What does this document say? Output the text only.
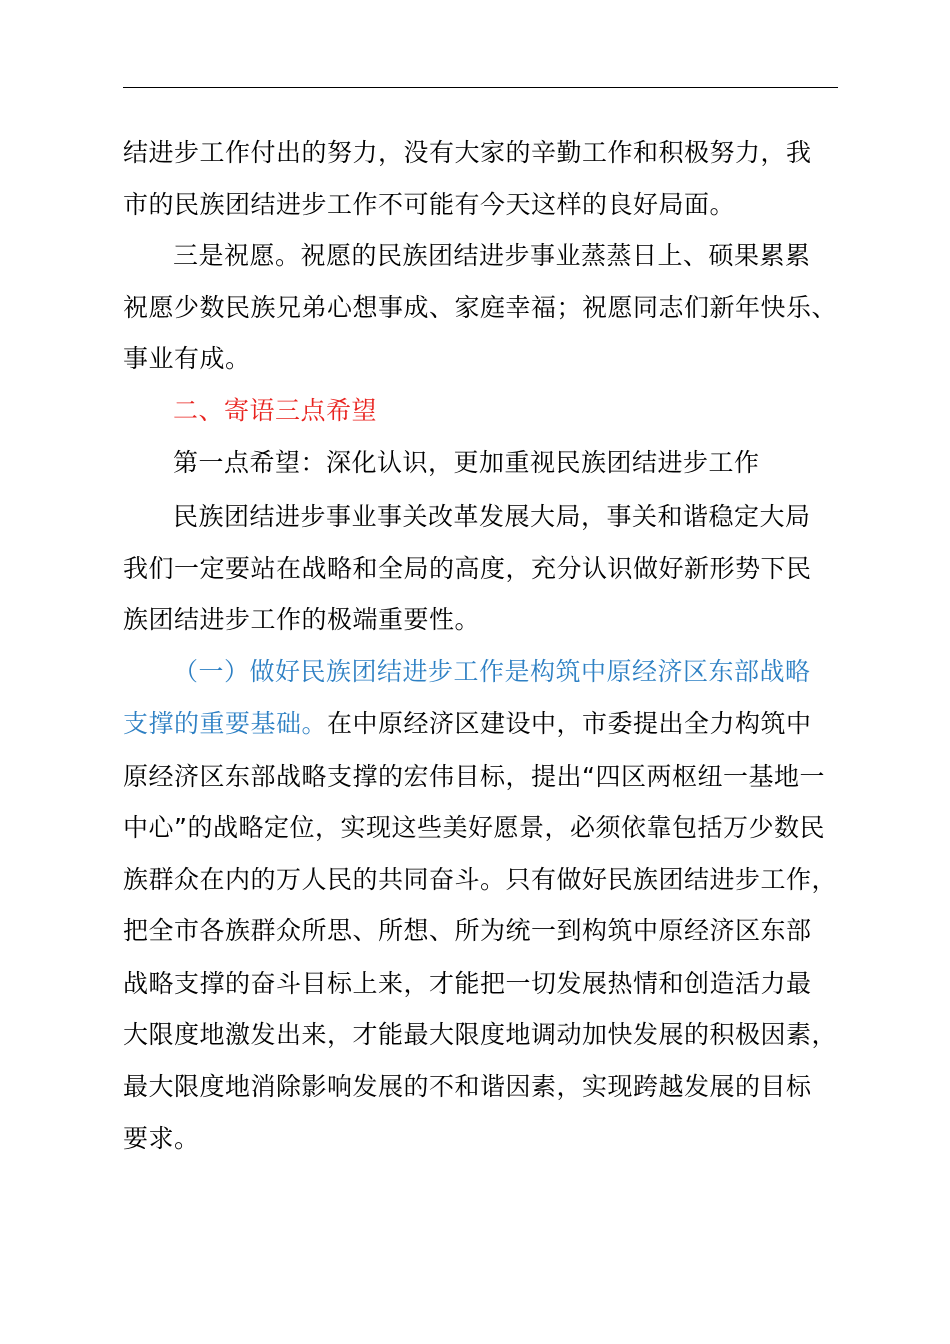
结进步工作付出的努力，没有大家的辛勤工作和积极努力，我
市的民族团结进步工作不可能有今天这样的良好局面。
三是祝愿。祝愿的民族团结进步事业蒸蒸日上、硕果累累
祝愿少数民族兄弟心想事成、家庭幸福；祝愿同志们新年快乐、
事业有成。
二、寄语三点希望
第一点希望：深化认识，更加重视民族团结进步工作
民族团结进步事业事关改革发展大局，事关和谐稳定大局
我们一定要站在战略和全局的高度，充分认识做好新形势下民
族团结进步工作的极端重要性。
（一）做好民族团结进步工作是构筑中原经济区东部战略
支撑的重要基础。在中原经济区建设中，市委提出全力构筑中
原经济区东部战略支撑的宏伟目标，提出“四区两枢纽一基地一
中心”的战略定位，实现这些美好愿景，必须依靠包括万少数民
族群众在内的万人民的共同奋斗。只有做好民族团结进步工作，
把全市各族群众所思、所想、所为统一到构筑中原经济区东部
战略支撑的奋斗目标上来，才能把一切发展热情和创造活力最
大限度地激发出来，才能最大限度地调动加快发展的积极因素，
最大限度地消除影响发展的不和谐因素，实现跨越发展的目标
要求。
